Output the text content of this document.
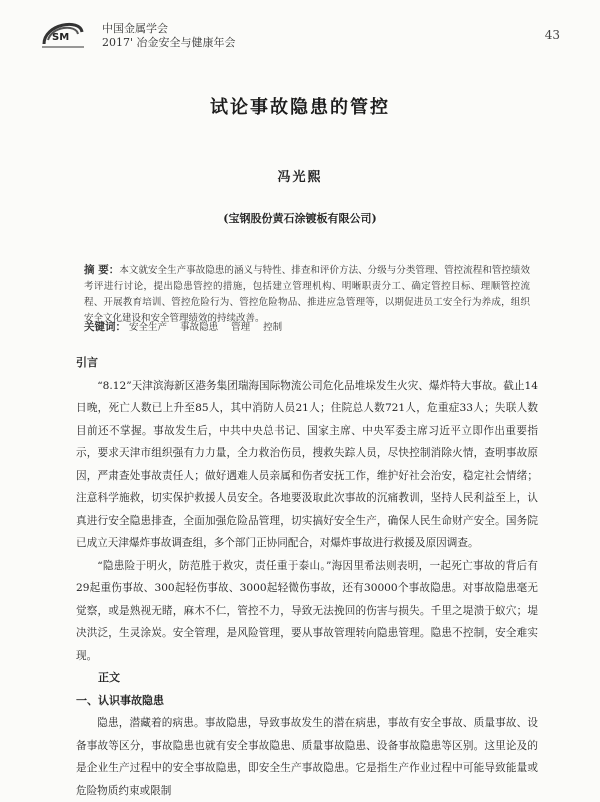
SM
中国金属学会
2017' 冶金安全与健康年会
43
试论事故隐患的管控
冯光熙
(宝钢股份黄石涂镀板有限公司)
摘 要：本文就安全生产事故隐患的涵义与特性、排查和评价方法、分级与分类管理、管控流程和管控绩效考评进行讨论，提出隐患管控的措施，包括建立管理机构、明晰职责分工、确定管控目标、理顺管控流程、开展教育培训、管控危险行为、管控危险物品、推进应急管理等，以期促进员工安全行为养成，组织安全文化建设和安全管理绩效的持续改善。
关键词： 安全生产 事故隐患 管理 控制
引言

“8.12”天津滨海新区港务集团瑞海国际物流公司危化品堆垛发生火灾、爆炸特大事故。截止14日晚，死亡人数已上升至85人，其中消防人员21人；住院总人数721人，危重症33人；失联人数目前还不掌握。事故发生后，中共中央总书记、国家主席、中央军委主席习近平立即作出重要指示，要求天津市组织强有力力量，全力救治伤员，搜救失踪人员，尽快控制消除火情，查明事故原因，严肃查处事故责任人；做好遇难人员亲属和伤者安抚工作，维护好社会治安，稳定社会情绪；注意科学施救，切实保护救援人员安全。各地要汲取此次事故的沉痛教训，坚持人民利益至上，认真进行安全隐患排查，全面加强危险品管理，切实搞好安全生产，确保人民生命财产安全。国务院已成立天津爆炸事故调查组，多个部门正协同配合，对爆炸事故进行救援及原因调查。

“隐患险于明火，防范胜于救灾，责任重于泰山。”海因里希法则表明，一起死亡事故的背后有29起重伤事故、300起轻伤事故、3000起轻微伤事故，还有30000个事故隐患。对事故隐患毫无觉察，或是熟视无睹，麻木不仁，管控不力，导致无法挽回的伤害与损失。千里之堤溃于蚁穴；堤决洪泛，生灵涂炭。安全管理，是风险管理，要从事故管理转向隐患管理。隐患不控制，安全难实现。

正文
一、认识事故隐患

隐患，潜藏着的病患。事故隐患，导致事故发生的潜在病患，事故有安全事故、质量事故、设备事故等区分，事故隐患也就有安全事故隐患、质量事故隐患、设备事故隐患等区别。这里论及的是企业生产过程中的安全事故隐患，即安全生产事故隐患。它是指生产作业过程中可能导致能量或危险物质约束或限制
